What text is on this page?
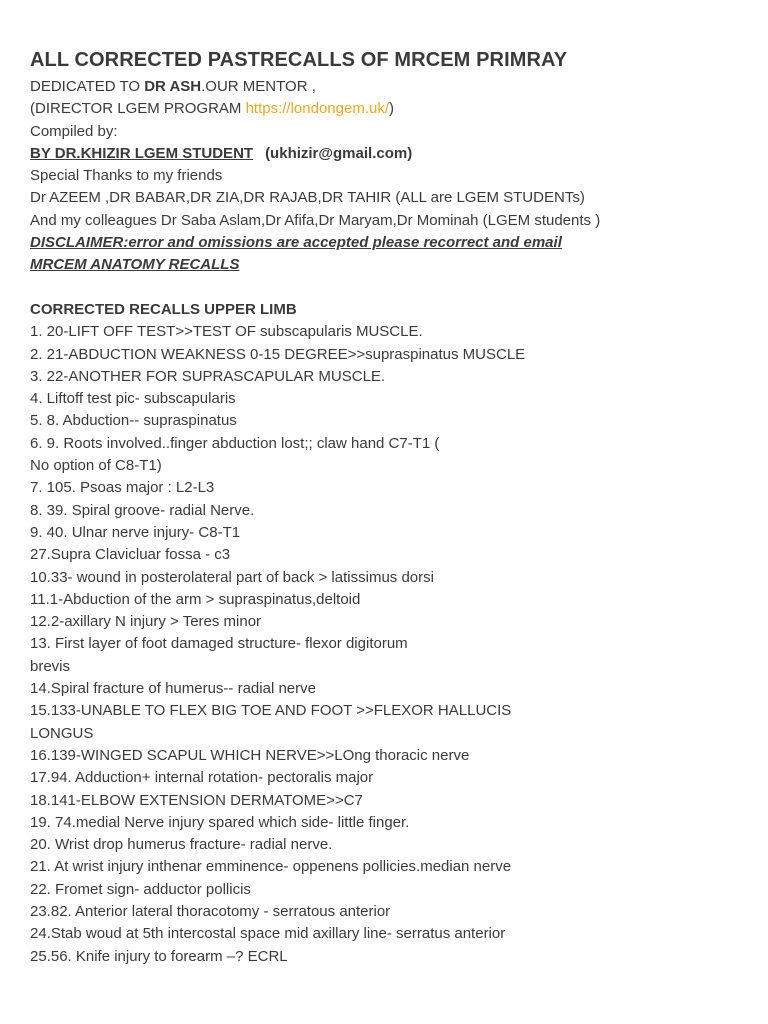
ALL CORRECTED PASTRECALLS OF MRCEM PRIMRAY
DEDICATED TO DR ASH.OUR MENTOR ,
(DIRECTOR LGEM PROGRAM https://londongem.uk/)
Compiled by:
BY DR.KHIZIR LGEM STUDENT (ukhizir@gmail.com)
Special Thanks to my friends
Dr AZEEM ,DR BABAR,DR ZIA,DR RAJAB,DR TAHIR (ALL are LGEM STUDENTs)
And my colleagues Dr Saba Aslam,Dr Afifa,Dr Maryam,Dr Mominah (LGEM students )
DISCLAIMER:error and omissions are accepted please recorrect and email
MRCEM ANATOMY RECALLS
CORRECTED RECALLS UPPER LIMB
1. 20-LIFT OFF TEST>>TEST OF subscapularis MUSCLE.
2. 21-ABDUCTION WEAKNESS 0-15 DEGREE>>supraspinatus MUSCLE
3. 22-ANOTHER FOR SUPRASCAPULAR MUSCLE.
4. Liftoff test pic- subscapularis
5. 8. Abduction-- supraspinatus
6. 9. Roots involved..finger abduction lost;; claw hand C7-T1 (
No option of C8-T1)
7. 105. Psoas major : L2-L3
8. 39. Spiral groove- radial Nerve.
9. 40. Ulnar nerve injury- C8-T1
27.Supra Clavicluar fossa - c3
10.33- wound in posterolateral part of back > latissimus dorsi
11.1-Abduction of the arm > supraspinatus,deltoid
12.2-axillary N injury > Teres minor
13. First layer of foot damaged structure- flexor digitorum
brevis
14.Spiral fracture of humerus-- radial nerve
15.133-UNABLE TO FLEX BIG TOE AND FOOT >>FLEXOR HALLUCIS
LONGUS
16.139-WINGED SCAPUL WHICH NERVE>>LOng thoracic nerve
17.94. Adduction+ internal rotation- pectoralis major
18.141-ELBOW EXTENSION DERMATOME>>C7
19. 74.medial Nerve injury spared which side- little finger.
20. Wrist drop humerus fracture- radial nerve.
21. At wrist injury inthenar emminence- oppenens pollicies.median nerve
22. Fromet sign- adductor pollicis
23.82. Anterior lateral thoracotomy - serratous anterior
24.Stab woud at 5th intercostal space mid axillary line- serratus anterior
25.56. Knife injury to forearm –? ECRL
